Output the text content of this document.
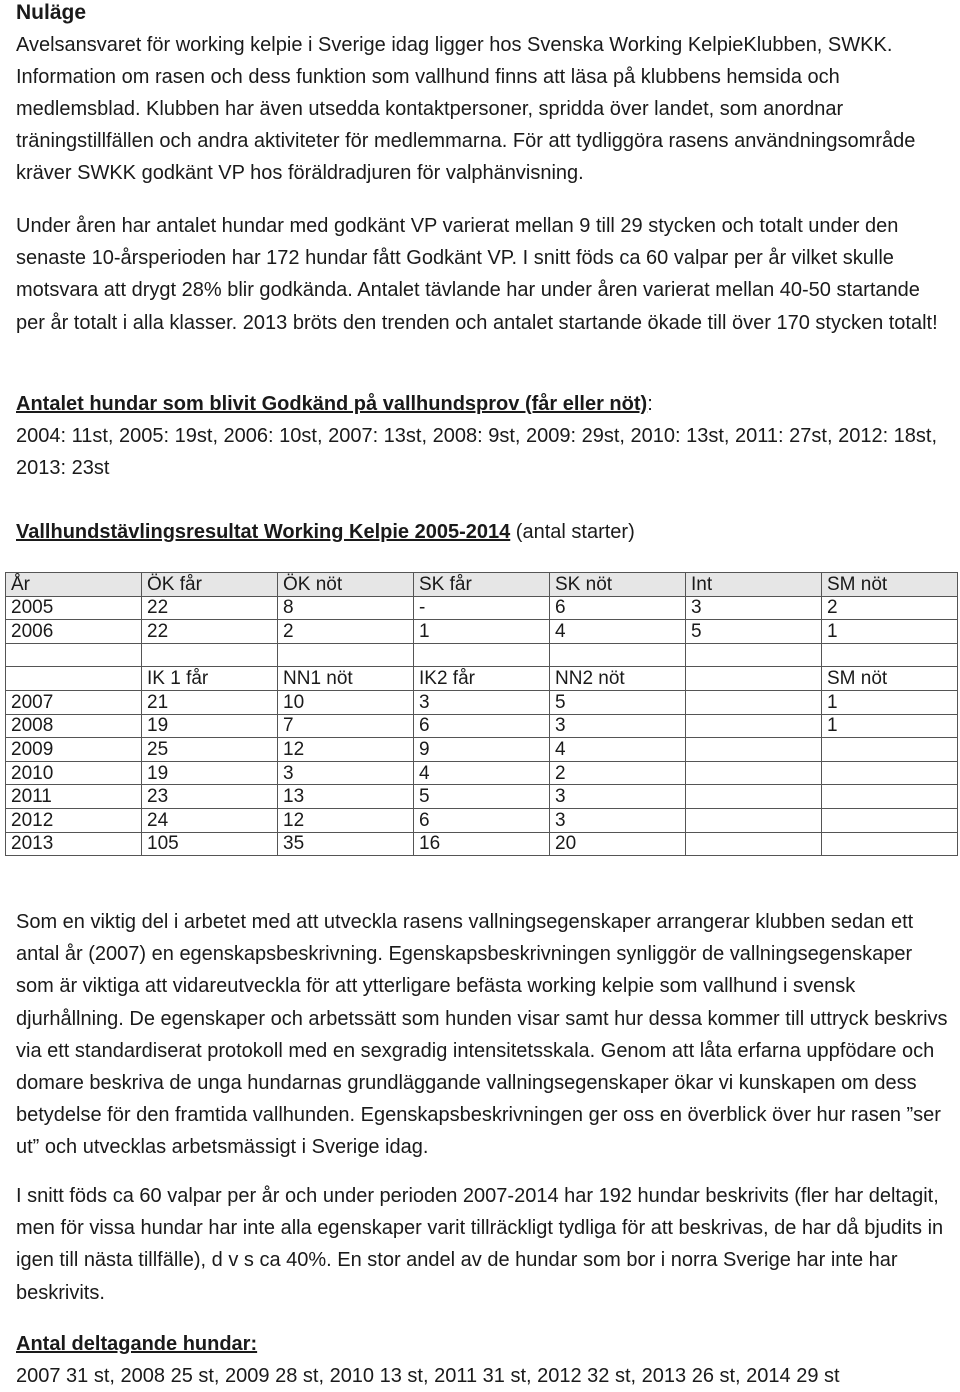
Nuläge

Avelsansvaret för working kelpie i Sverige idag ligger hos Svenska Working KelpieKlubben, SWKK. Information om rasen och dess funktion som vallhund finns att läsa på klubbens hemsida och medlemsblad. Klubben har även utsedda kontaktpersoner, spridda över landet, som anordnar träningstillfällen och andra aktiviteter för medlemmarna. För att tydliggöra rasens användningsområde kräver SWKK godkänt VP hos föräldradjuren för valphänvisning.

Under åren har antalet hundar med godkänt VP varierat mellan 9 till 29 stycken och totalt under den senaste 10-årsperioden har 172 hundar fått Godkänt VP. I snitt föds ca 60 valpar per år vilket skulle motsvara att drygt 28% blir godkända. Antalet tävlande har under åren varierat mellan 40-50 startande per år totalt i alla klasser. 2013 bröts den trenden och antalet startande ökade till över 170 stycken totalt!

Antalet hundar som blivit Godkänd på vallhundsprov (får eller nöt):
2004: 11st, 2005: 19st, 2006: 10st, 2007: 13st, 2008: 9st, 2009: 29st, 2010: 13st, 2011: 27st, 2012: 18st, 2013: 23st
Vallhundstävlingsresultat Working Kelpie 2005-2014 (antal starter)
År	ÖK får	ÖK nöt	SK får	SK nöt	Int	SM nöt
2005	22	8	-	6	3	2
2006	22	2	1	4	5	1

	IK 1 får	NN1 nöt	IK2 får	NN2 nöt		SM nöt
2007	21	10	3	5		1
2008	19	7	6	3		1
2009	25	12	9	4		
2010	19	3	4	2		
2011	23	13	5	3		
2012	24	12	6	3		
2013	105	35	16	20		

Som en viktig del i arbetet med att utveckla rasens vallningsegenskaper arrangerar klubben sedan ett antal år (2007) en egenskapsbeskrivning. Egenskapsbeskrivningen synliggör de vallningsegenskaper som är viktiga att vidareutveckla för att ytterligare befästa working kelpie som vallhund i svensk djurhållning. De egenskaper och arbetssätt som hunden visar samt hur dessa kommer till uttryck beskrivs via ett standardiserat protokoll med en sexgradig intensitetsskala. Genom att låta erfarna uppfödare och domare beskriva de unga hundarnas grundläggande vallningsegenskaper ökar vi kunskapen om dess betydelse för den framtida vallhunden. Egenskapsbeskrivningen ger oss en överblick över hur rasen ”ser ut” och utvecklas arbetsmässigt i Sverige idag.

I snitt föds ca 60 valpar per år och under perioden 2007-2014 har 192 hundar beskrivits (fler har deltagit, men för vissa hundar har inte alla egenskaper varit tillräckligt tydliga för att beskrivas, de har då bjudits in igen till nästa tillfälle), d v s ca 40%. En stor andel av de hundar som bor i norra Sverige har inte har beskrivits.

Antal deltagande hundar:
2007 31 st, 2008 25 st, 2009 28 st, 2010 13 st, 2011 31 st, 2012 32 st, 2013 26 st, 2014 29 st
